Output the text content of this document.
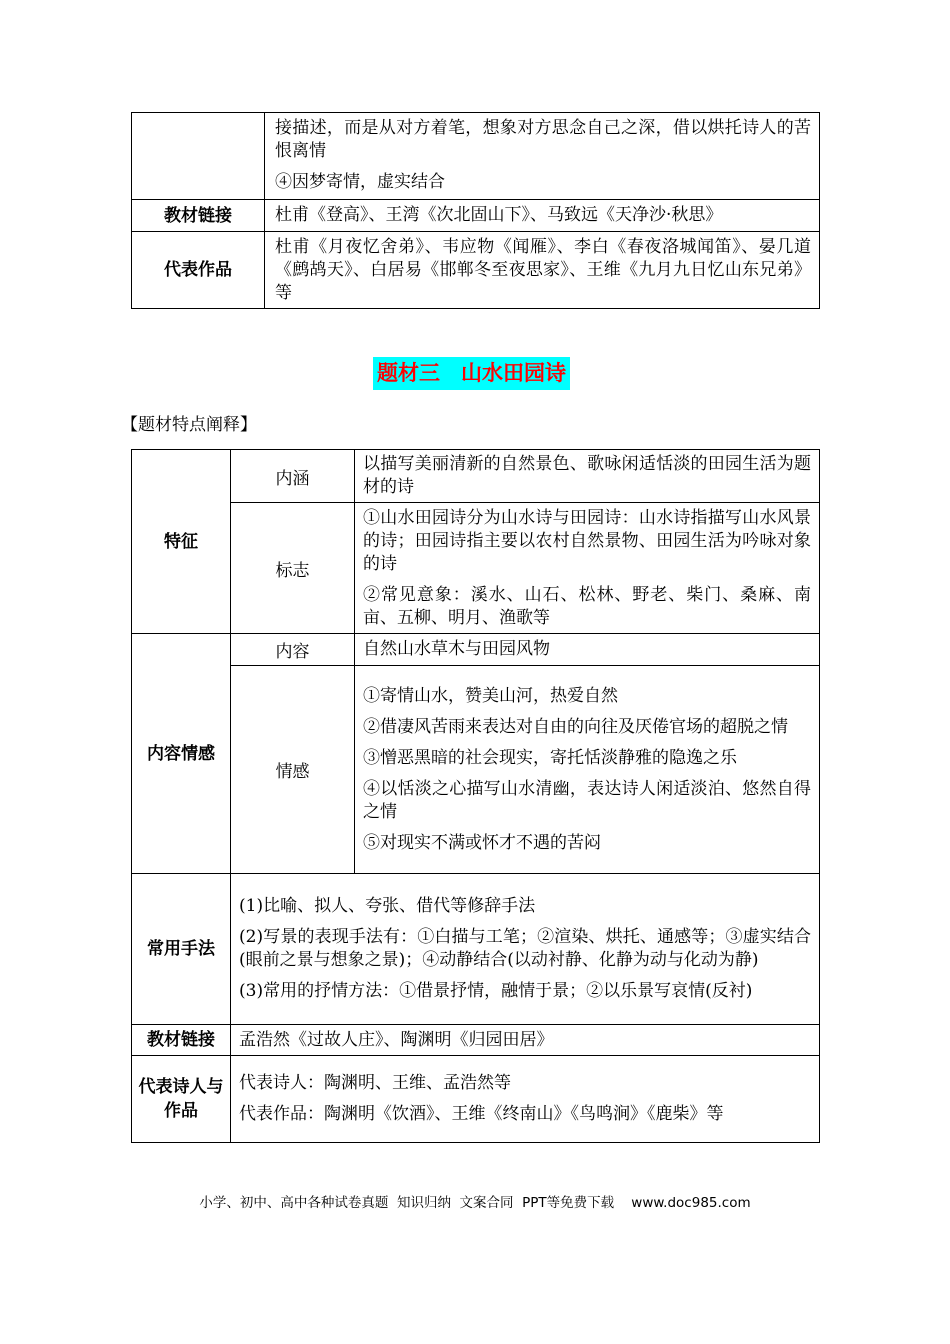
	接描述，而是从对方着笔，想象对方思念自己之深，借以烘托诗人的苦恨离情

④因梦寄情，虚实结合

教材链接	杜甫《登高》、王湾《次北固山下》、马致远《天净沙·秋思》
代表作品	杜甫《月夜忆舍弟》、韦应物《闻雁》、李白《春夜洛城闻笛》、晏几道《鹧鸪天》、白居易《邯郸冬至夜思家》、王维《九月九日忆山东兄弟》等
题材三　山水田园诗
【题材特点阐释】
特征	内涵	以描写美丽清新的自然景色、歌咏闲适恬淡的田园生活为题材的诗
	标志	①山水田园诗分为山水诗与田园诗：山水诗指描写山水风景的诗；田园诗指主要以农村自然景物、田园生活为吟咏对象的诗

②常见意象：溪水、山石、松林、野老、柴门、桑麻、南亩、五柳、明月、渔歌等

内容情感	内容	自然山水草木与田园风物
	情感	①寄情山水，赞美山河，热爱自然

②借凄风苦雨来表达对自由的向往及厌倦官场的超脱之情

③憎恶黑暗的社会现实，寄托恬淡静雅的隐逸之乐

④以恬淡之心描写山水清幽，表达诗人闲适淡泊、悠然自得之情

⑤对现实不满或怀才不遇的苦闷

常用手法	(1)比喻、拟人、夸张、借代等修辞手法

(2)写景的表现手法有：①白描与工笔；②渲染、烘托、通感等；③虚实结合(眼前之景与想象之景)；④动静结合(以动衬静、化静为动与化动为静)

(3)常用的抒情方法：①借景抒情，融情于景；②以乐景写哀情(反衬)	

教材链接	孟浩然《过故人庄》、陶渊明《归园田居》	
代表诗人与作品	代表诗人：陶渊明、王维、孟浩然等

代表作品：陶渊明《饮酒》、王维《终南山》《鸟鸣涧》《鹿柴》等	

小学、初中、高中各种试卷真题  知识归纳  文案合同  PPT等免费下载    www.doc985.com
